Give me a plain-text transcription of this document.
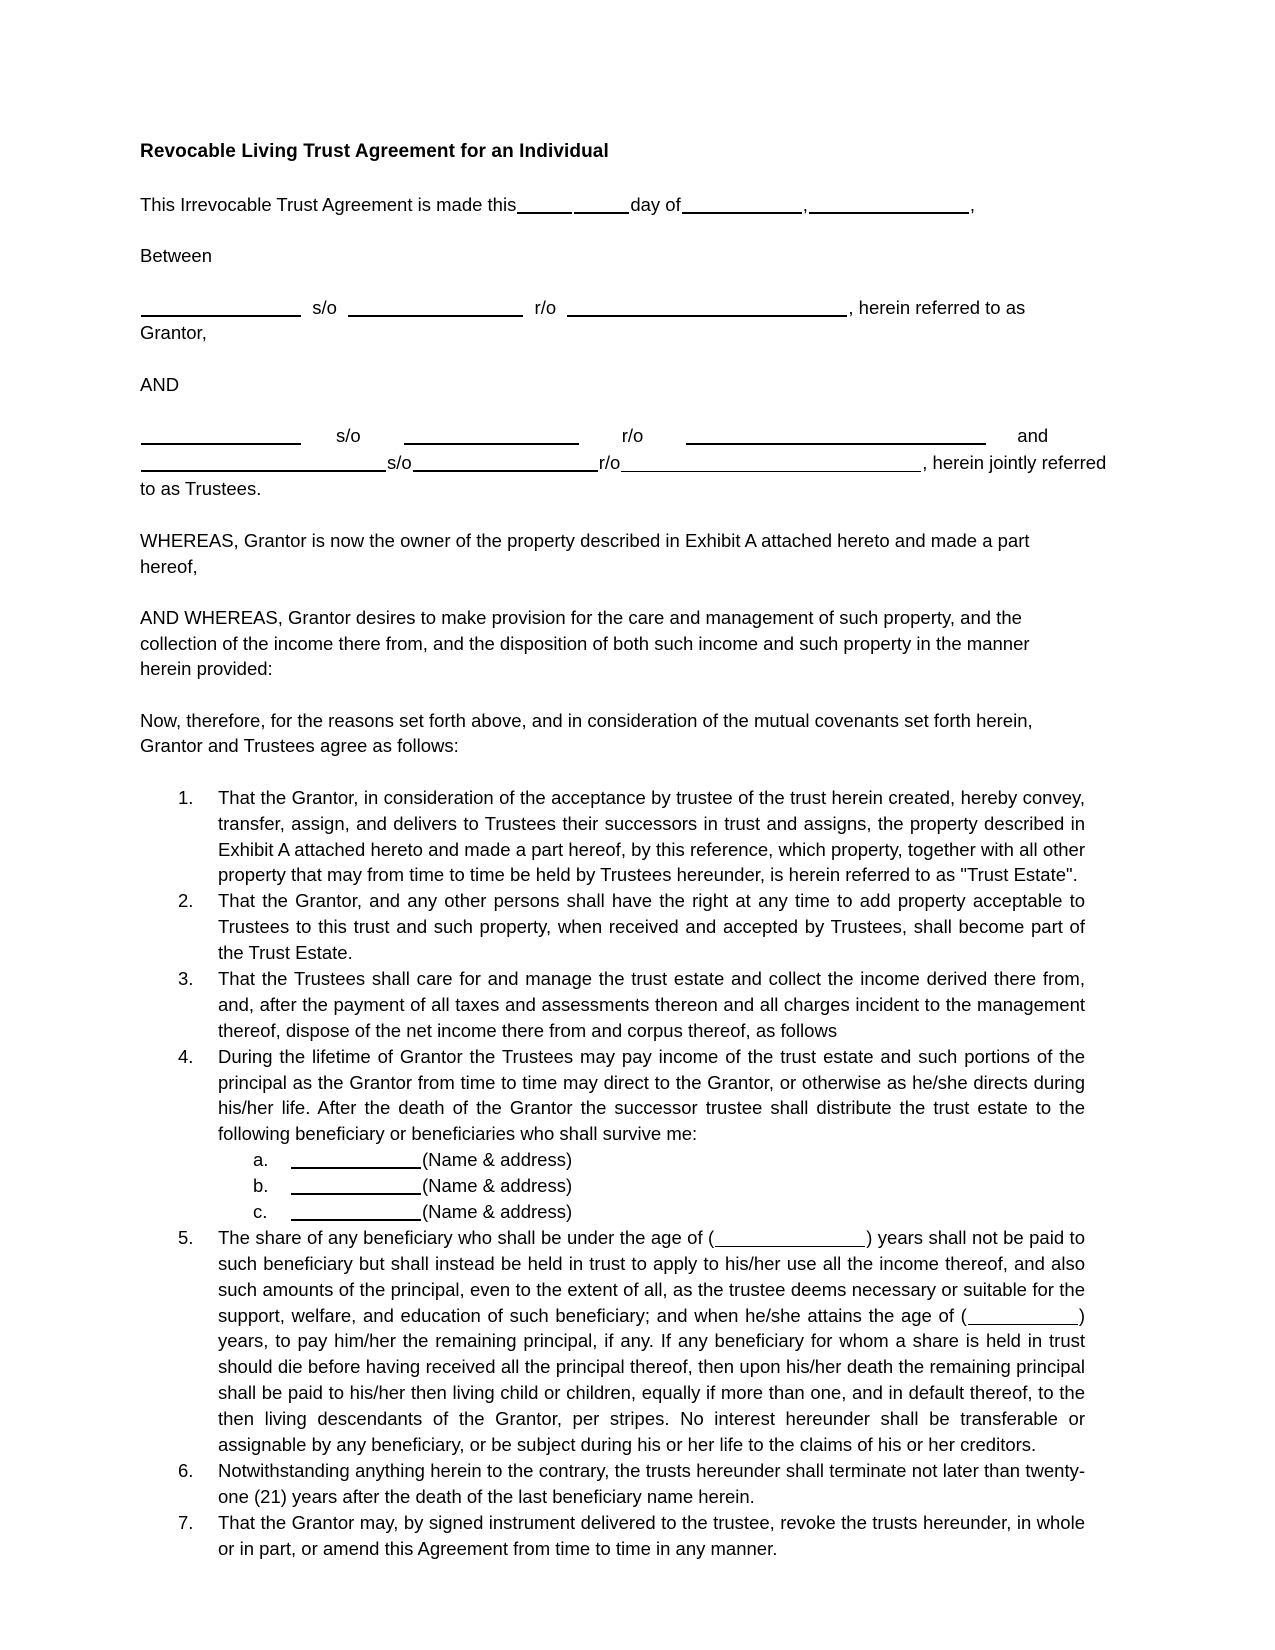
Revocable Living Trust Agreement for an Individual

This Irrevocable Trust Agreement is made this	day of	,	,

Between

s/o	r/o	, herein referred to as
Grantor,

AND

s/o	r/o	and
s/o	r/o	, herein jointly referred
to as Trustees.

WHEREAS, Grantor is now the owner of the property described in Exhibit A attached hereto and made a part hereof,

AND WHEREAS, Grantor desires to make provision for the care and management of such property, and the collection of the income there from, and the disposition of both such income and such property in the manner herein provided:

Now, therefore, for the reasons set forth above, and in consideration of the mutual covenants set forth herein, Grantor and Trustees agree as follows:

That the Grantor, in consideration of the acceptance by trustee of the trust herein created, hereby convey, transfer, assign, and delivers to Trustees their successors in trust and assigns, the property described in Exhibit A attached hereto and made a part hereof, by this reference, which property, together with all other property that may from time to time be held by Trustees hereunder, is herein referred to as "Trust Estate".
That the Grantor, and any other persons shall have the right at any time to add property acceptable to Trustees to this trust and such property, when received and accepted by Trustees, shall become part of the Trust Estate.
That the Trustees shall care for and manage the trust estate and collect the income derived there from, and, after the payment of all taxes and assessments thereon and all charges incident to the management thereof, dispose of the net income there from and corpus thereof, as follows
During the lifetime of Grantor the Trustees may pay income of the trust estate and such portions of the principal as the Grantor from time to time may direct to the Grantor, or otherwise as he/she directs during his/her life. After the death of the Grantor the successor trustee shall distribute the trust estate to the following beneficiary or beneficiaries who shall survive me:
(Name & address)
(Name & address)
(Name & address)
The share of any beneficiary who shall be under the age of (	) years shall not be paid to such beneficiary but shall instead be held in trust to apply to his/her use all the income thereof, and also such amounts of the principal, even to the extent of all, as the trustee deems necessary or suitable for the support, welfare, and education of such beneficiary; and when he/she attains the age of (	) years, to pay him/her the remaining principal, if any. If any beneficiary for whom a share is held in trust should die before having received all the principal thereof, then upon his/her death the remaining principal shall be paid to his/her then living child or children, equally if more than one, and in default thereof, to the then living descendants of the Grantor, per stripes. No interest hereunder shall be transferable or assignable by any beneficiary, or be subject during his or her life to the claims of his or her creditors.
Notwithstanding anything herein to the contrary, the trusts hereunder shall terminate not later than twenty-one (21) years after the death of the last beneficiary name herein.
That the Grantor may, by signed instrument delivered to the trustee, revoke the trusts hereunder, in whole or in part, or amend this Agreement from time to time in any manner.
